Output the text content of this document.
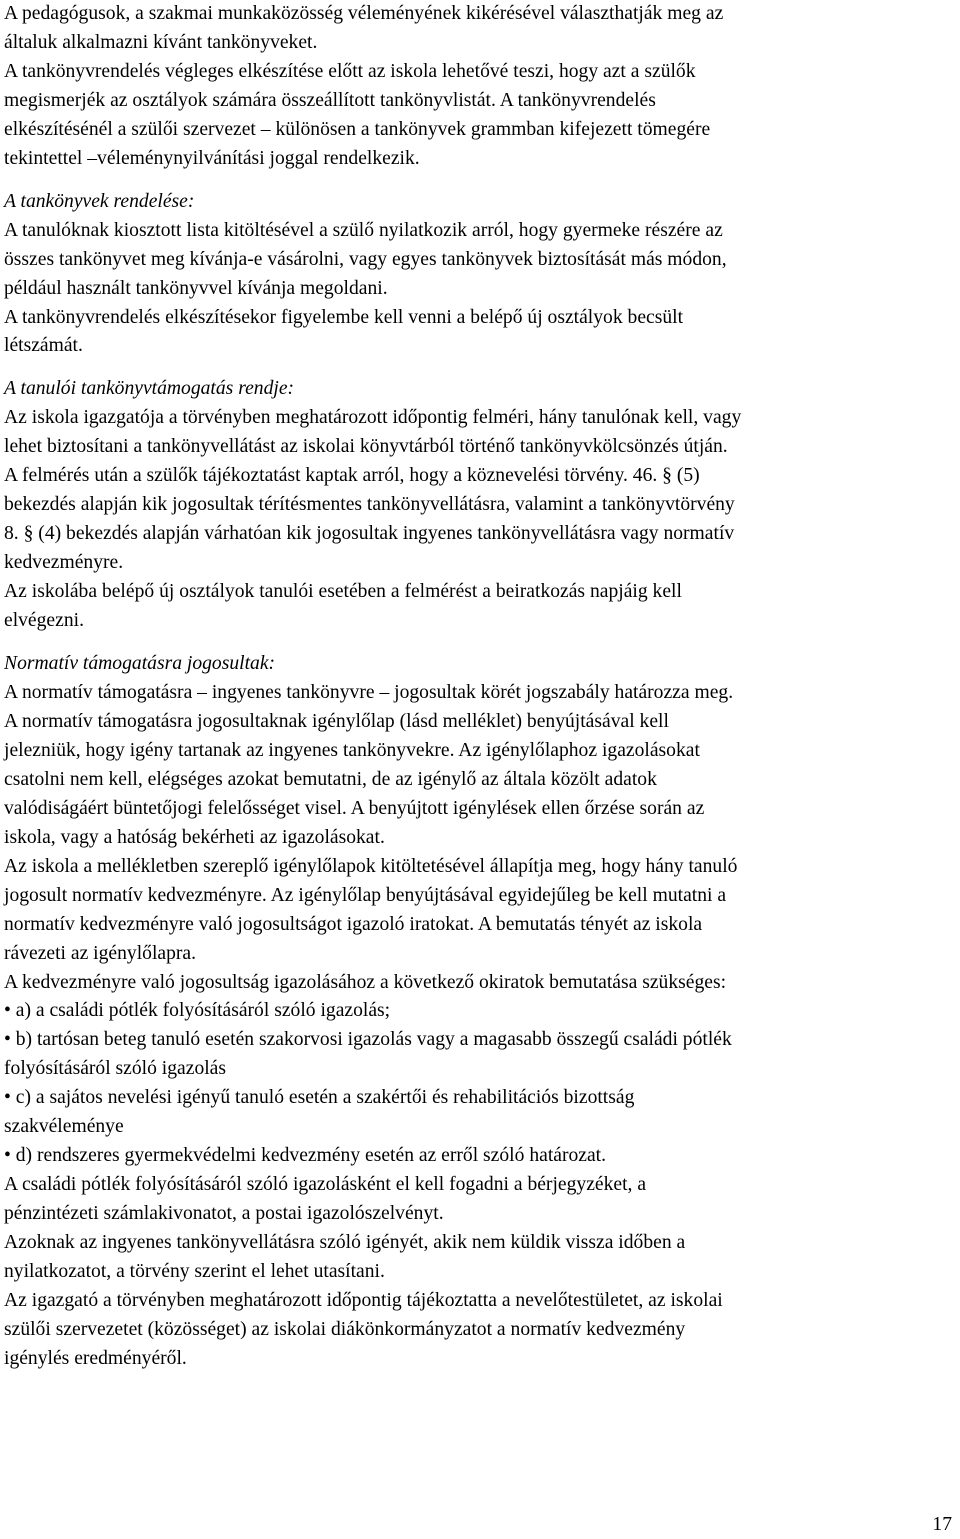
A pedagógusok, a szakmai munkaközösség véleményének kikérésével választhatják meg az
általuk alkalmazni kívánt tankönyveket.
A tankönyvrendelés végleges elkészítése előtt az iskola lehetővé teszi, hogy azt a szülők
megismerjék az osztályok számára összeállított tankönyvlistát. A tankönyvrendelés
elkészítésénél a szülői szervezet – különösen a tankönyvek grammban kifejezett tömegére
tekintettel –véleménynyilvánítási joggal rendelkezik.
A tankönyvek rendelése:
A tanulóknak kiosztott lista kitöltésével a szülő nyilatkozik arról, hogy gyermeke részére az
összes tankönyvet meg kívánja-e vásárolni, vagy egyes tankönyvek biztosítását más módon,
például használt tankönyvvel kívánja megoldani.
A tankönyvrendelés elkészítésekor figyelembe kell venni a belépő új osztályok becsült
létszámát.
A tanulói tankönyvtámogatás rendje:
Az iskola igazgatója a törvényben meghatározott időpontig felméri, hány tanulónak kell, vagy
lehet biztosítani a tankönyvellátást az iskolai könyvtárból történő tankönyvkölcsönzés útján.
A felmérés után a szülők tájékoztatást kaptak arról, hogy a köznevelési törvény. 46. § (5)
bekezdés alapján kik jogosultak térítésmentes tankönyvellátásra, valamint a tankönyvtörvény
8. § (4) bekezdés alapján várhatóan kik jogosultak ingyenes tankönyvellátásra vagy normatív
kedvezményre.
Az iskolába belépő új osztályok tanulói esetében a felmérést a beiratkozás napjáig kell
elvégezni.
Normatív támogatásra jogosultak:
A normatív támogatásra – ingyenes tankönyvre – jogosultak körét jogszabály határozza meg.
A normatív támogatásra jogosultaknak igénylőlap (lásd melléklet) benyújtásával kell
jelezniük, hogy igény tartanak az ingyenes tankönyvekre. Az igénylőlaphoz igazolásokat
csatolni nem kell, elégséges azokat bemutatni, de az igénylő az általa közölt adatok
valódiságáért büntetőjogi felelősséget visel. A benyújtott igénylések ellen őrzése során az
iskola, vagy a hatóság bekérheti az igazolásokat.
Az iskola a mellékletben szereplő igénylőlapok kitöltetésével állapítja meg, hogy hány tanuló
jogosult normatív kedvezményre. Az igénylőlap benyújtásával egyidejűleg be kell mutatni a
normatív kedvezményre való jogosultságot igazoló iratokat. A bemutatás tényét az iskola
rávezeti az igénylőlapra.
A kedvezményre való jogosultság igazolásához a következő okiratok bemutatása szükséges:
• a) a családi pótlék folyósításáról szóló igazolás;
• b) tartósan beteg tanuló esetén szakorvosi igazolás vagy a magasabb összegű családi pótlék
folyósításáról szóló igazolás
• c) a sajátos nevelési igényű tanuló esetén a szakértői és rehabilitációs bizottság
szakvéleménye
• d) rendszeres gyermekvédelmi kedvezmény esetén az erről szóló határozat.
A családi pótlék folyósításáról szóló igazolásként el kell fogadni a bérjegyzéket, a
pénzintézeti számlakivonatot, a postai igazolószelvényt.
Azoknak az ingyenes tankönyvellátásra szóló igényét, akik nem küldik vissza időben a
nyilatkozatot, a törvény szerint el lehet utasítani.
Az igazgató a törvényben meghatározott időpontig tájékoztatta a nevelőtestületet, az iskolai
szülői szervezetet (közösséget) az iskolai diákönkormányzatot a normatív kedvezmény
igénylés eredményéről.
17
